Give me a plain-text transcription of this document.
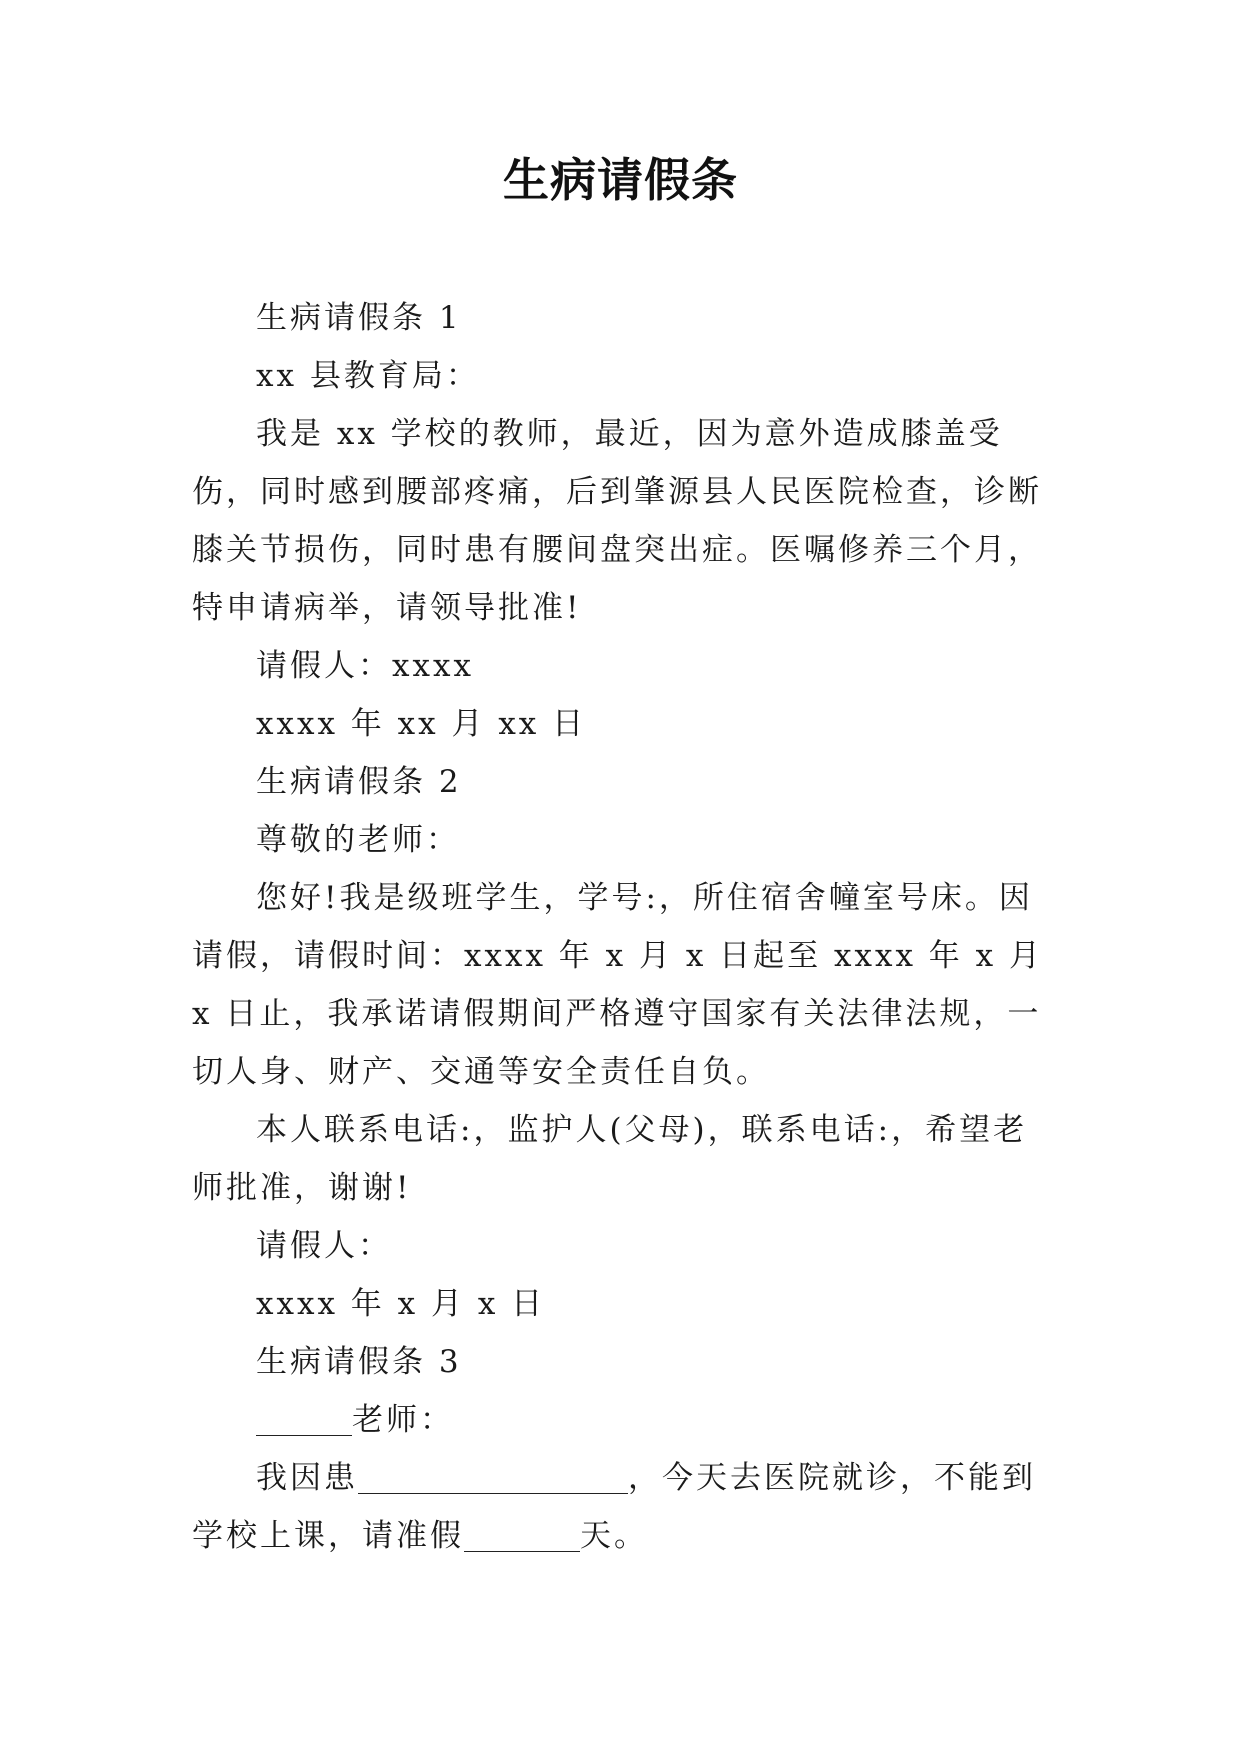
生病请假条

生病请假条 1

xx 县教育局：

我是 xx 学校的教师，最近，因为意外造成膝盖受伤，同时感到腰部疼痛，后到肇源县人民医院检查，诊断膝关节损伤，同时患有腰间盘突出症。医嘱修养三个月，特申请病举，请领导批准!

请假人：xxxx

xxxx 年 xx 月 xx 日

生病请假条 2

尊敬的老师：

您好!我是级班学生，学号:，所住宿舍幢室号床。因请假，请假时间：xxxx 年 x 月 x 日起至 xxxx 年 x 月 x 日止，我承诺请假期间严格遵守国家有关法律法规，一切人身、财产、交通等安全责任自负。

本人联系电话:，监护人(父母)，联系电话:，希望老师批准，谢谢!

请假人：

xxxx 年 x 月 x 日

生病请假条 3

老师：

我因患	，今天去医院就诊，不能到学校上课，请准假	天。
